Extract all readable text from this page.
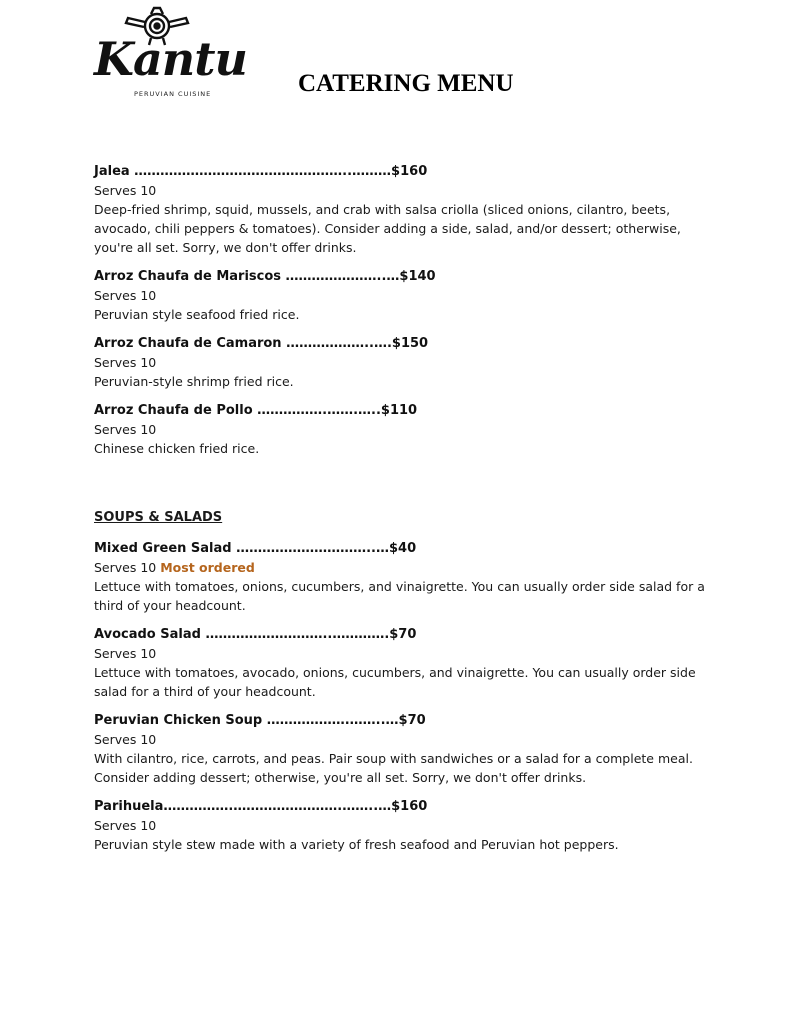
Kantu
PERUVIAN CUISINE	CATERING MENU
Jalea …………………………………………..………$160
Serves 10
Deep-fried shrimp, squid, mussels, and crab with salsa criolla (sliced onions, cilantro, beets, avocado, chili peppers & tomatoes). Consider adding a side, salad, and/or dessert; otherwise, you're all set. Sorry, we don't offer drinks.
Arroz Chaufa de Mariscos …………………..…$140
Serves 10
Peruvian style seafood fried rice.
Arroz Chaufa de Camaron ………………..….$150
Serves 10
Peruvian-style shrimp fried rice.
Arroz Chaufa de Pollo …………….…….…..$110
Serves 10
Chinese chicken fried rice.
SOUPS & SALADS
Mixed Green Salad …………………………..…$40
Serves 10 Most ordered
Lettuce with tomatoes, onions, cucumbers, and vinaigrette. You can usually order side salad for a third of your headcount.
Avocado Salad ………………………..………….$70
Serves 10
Lettuce with tomatoes, avocado, onions, cucumbers, and vinaigrette. You can usually order side salad for a third of your headcount.
Peruvian Chicken Soup ……………….……..…$70
Serves 10
With cilantro, rice, carrots, and peas. Pair soup with sandwiches or a salad for a complete meal. Consider adding dessert; otherwise, you're all set. Sorry, we don't offer drinks.
Parihuela…………….…………………….……..…$160
Serves 10
Peruvian style stew made with a variety of fresh seafood and Peruvian hot peppers.
